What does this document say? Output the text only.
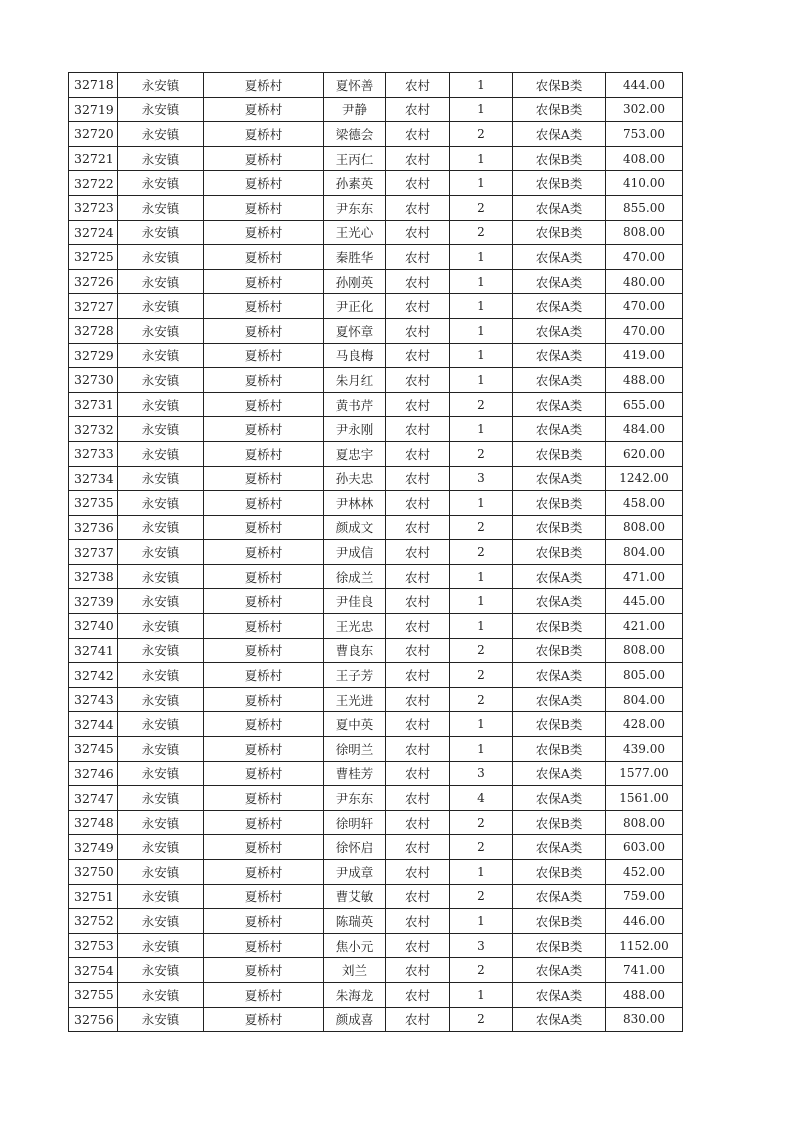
32718	永安镇	夏桥村	夏怀善	农村	1	农保B类	444.00
32719	永安镇	夏桥村	尹静	农村	1	农保B类	302.00
32720	永安镇	夏桥村	梁德会	农村	2	农保A类	753.00
32721	永安镇	夏桥村	王丙仁	农村	1	农保B类	408.00
32722	永安镇	夏桥村	孙素英	农村	1	农保B类	410.00
32723	永安镇	夏桥村	尹东东	农村	2	农保A类	855.00
32724	永安镇	夏桥村	王光心	农村	2	农保B类	808.00
32725	永安镇	夏桥村	秦胜华	农村	1	农保A类	470.00
32726	永安镇	夏桥村	孙刚英	农村	1	农保A类	480.00
32727	永安镇	夏桥村	尹正化	农村	1	农保A类	470.00
32728	永安镇	夏桥村	夏怀章	农村	1	农保A类	470.00
32729	永安镇	夏桥村	马良梅	农村	1	农保A类	419.00
32730	永安镇	夏桥村	朱月红	农村	1	农保A类	488.00
32731	永安镇	夏桥村	黄书芹	农村	2	农保A类	655.00
32732	永安镇	夏桥村	尹永刚	农村	1	农保A类	484.00
32733	永安镇	夏桥村	夏忠宇	农村	2	农保B类	620.00
32734	永安镇	夏桥村	孙夫忠	农村	3	农保A类	1242.00
32735	永安镇	夏桥村	尹林林	农村	1	农保B类	458.00
32736	永安镇	夏桥村	颜成文	农村	2	农保B类	808.00
32737	永安镇	夏桥村	尹成信	农村	2	农保B类	804.00
32738	永安镇	夏桥村	徐成兰	农村	1	农保A类	471.00
32739	永安镇	夏桥村	尹佳良	农村	1	农保A类	445.00
32740	永安镇	夏桥村	王光忠	农村	1	农保B类	421.00
32741	永安镇	夏桥村	曹良东	农村	2	农保B类	808.00
32742	永安镇	夏桥村	王子芳	农村	2	农保A类	805.00
32743	永安镇	夏桥村	王光进	农村	2	农保A类	804.00
32744	永安镇	夏桥村	夏中英	农村	1	农保B类	428.00
32745	永安镇	夏桥村	徐明兰	农村	1	农保B类	439.00
32746	永安镇	夏桥村	曹桂芳	农村	3	农保A类	1577.00
32747	永安镇	夏桥村	尹东东	农村	4	农保A类	1561.00
32748	永安镇	夏桥村	徐明轩	农村	2	农保B类	808.00
32749	永安镇	夏桥村	徐怀启	农村	2	农保A类	603.00
32750	永安镇	夏桥村	尹成章	农村	1	农保B类	452.00
32751	永安镇	夏桥村	曹艾敏	农村	2	农保A类	759.00
32752	永安镇	夏桥村	陈瑞英	农村	1	农保B类	446.00
32753	永安镇	夏桥村	焦小元	农村	3	农保B类	1152.00
32754	永安镇	夏桥村	刘兰	农村	2	农保A类	741.00
32755	永安镇	夏桥村	朱海龙	农村	1	农保A类	488.00
32756	永安镇	夏桥村	颜成喜	农村	2	农保A类	830.00
